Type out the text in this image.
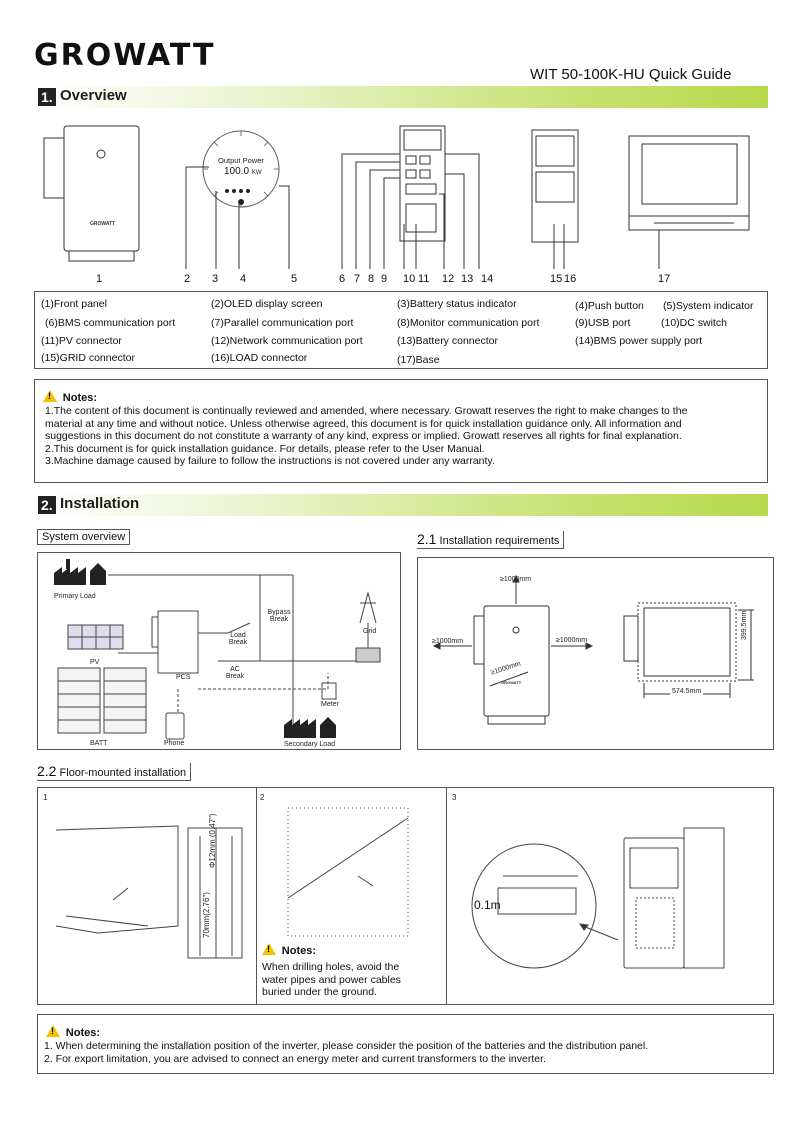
GROWATT
WIT 50-100K-HU Quick Guide
1. Overview
GROWATT
Output Power
100.0 KW
1	2 3 4	5	6 7 8 9 10 11 12 13 14	15 16	17
(1)Front panel	(2)OLED display screen	(3)Battery status indicator	(4)Push button (5)System indicator
(6)BMS communication port	(7)Parallel communication port	(8)Monitor communication port	(9)USB port	(10)DC switch
(11)PV connector	(12)Network communication port	(13)Battery connector	(14)BMS power supply port
(15)GRID connector	(16)LOAD connector	(17)Base
! Notes:
1.The content of this document is continually reviewed and amended, where necessary. Growatt reserves the right to make changes to the
material at any time and without notice. Unless otherwise agreed, this document is for quick installation guidance only. All information and
suggestions in this document do not constitute a warranty of any kind, express or implied. Growatt reserves all rights for final explanation.
2.This document is for quick installation guidance. For details, please refer to the User Manual.
3.Machine damage caused by failure to follow the instructions is not covered under any warranty.
2. Installation
System overview
Primary Load
PV
BATT
PCS
Phone
Load Break
Bypass Break
Grid
AC Break
Meter
Secondary Load
2.1 Installation requirements
GROWATT
≥1000mm
≥1000mm	≥1000mm
≥1000mm
399.5mm
574.5mm
2.2 Floor-mounted installation
1	2	3
Φ12mm (0.47")
70mm(2.76")	0.1m
! Notes:
When drilling holes, avoid the
water pipes and power cables
buried under the ground.
! Notes:
1. When determining the installation position of the inverter, please consider the position of the batteries and the distribution panel.
2. For export limitation, you are advised to connect an energy meter and current transformers to the inverter.
